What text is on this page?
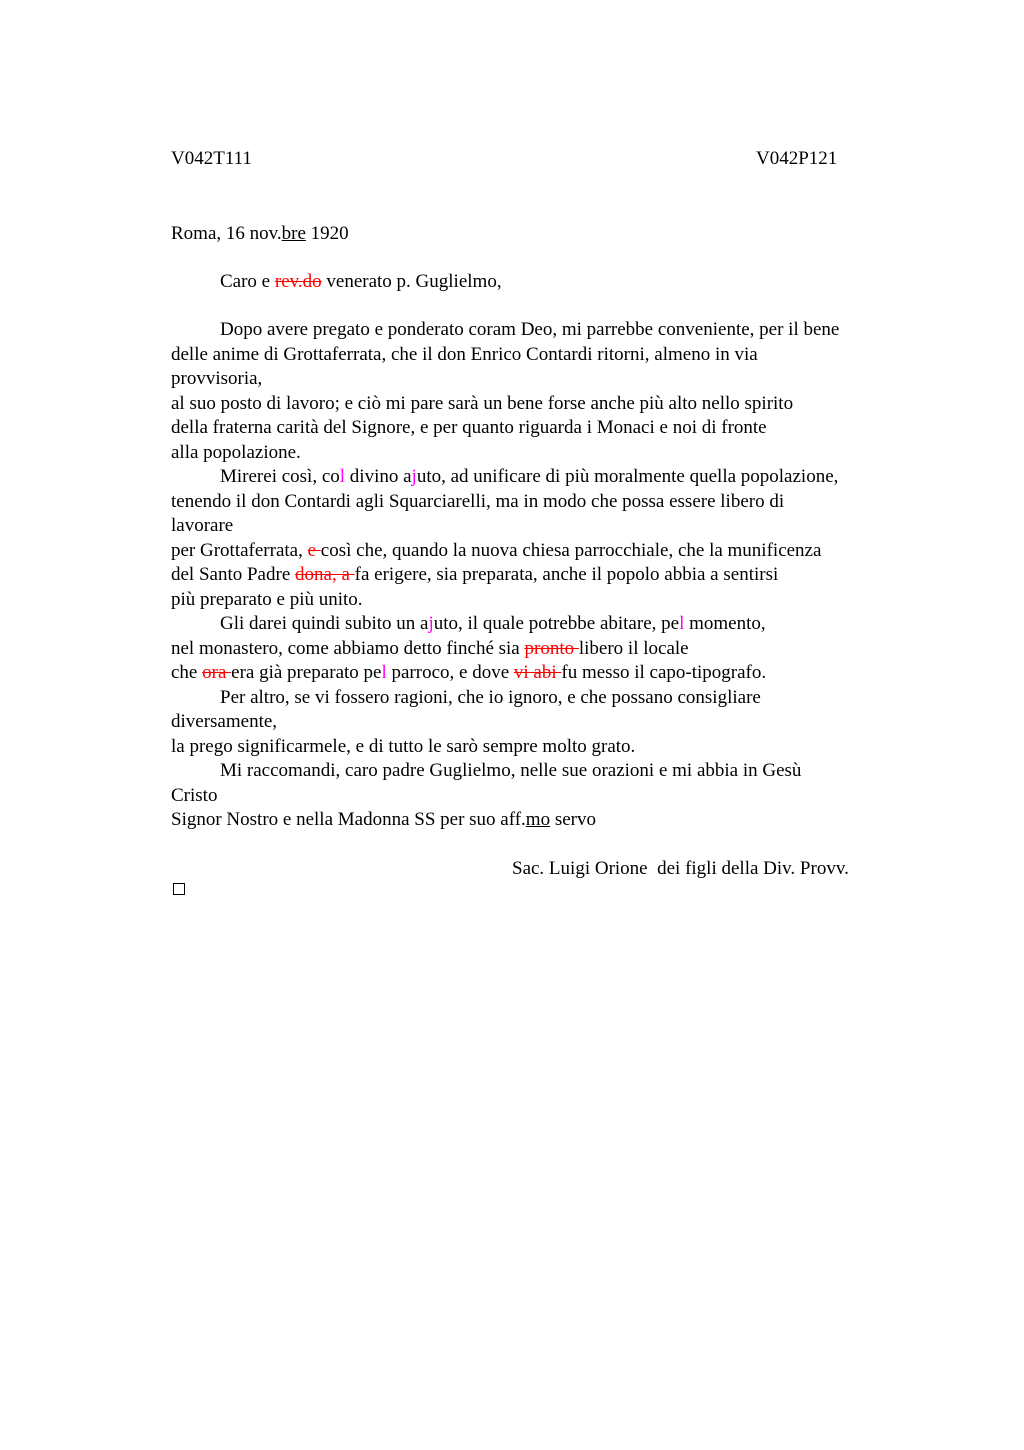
V042T111	V042P121
Roma, 16 nov.bre 1920
Caro e rev.do venerato p. Guglielmo,
Dopo avere pregato e ponderato coram Deo, mi parrebbe conveniente, per il bene
delle anime di Grottaferrata, che il don Enrico Contardi ritorni, almeno in via
provvisoria,
al suo posto di lavoro; e ciò mi pare sarà un bene forse anche più alto nello spirito
della fraterna carità del Signore, e per quanto riguarda i Monaci e noi di fronte
alla popolazione.
Mirerei così, col divino ajuto, ad unificare di più moralmente quella popolazione,
tenendo il don Contardi agli Squarciarelli, ma in modo che possa essere libero di
lavorare
per Grottaferrata, e così che, quando la nuova chiesa parrocchiale, che la munificenza
del Santo Padre dona, a fa erigere, sia preparata, anche il popolo abbia a sentirsi
più preparato e più unito.
Gli darei quindi subito un ajuto, il quale potrebbe abitare, pel momento,
nel monastero, come abbiamo detto finché sia pronto libero il locale
che ora era già preparato pel parroco, e dove vi abi fu messo il capo-tipografo.
Per altro, se vi fossero ragioni, che io ignoro, e che possano consigliare
diversamente,
la prego significarmele, e di tutto le sarò sempre molto grato.
Mi raccomandi, caro padre Guglielmo, nelle sue orazioni e mi abbia in Gesù
Cristo
Signor Nostro e nella Madonna SS per suo aff.mo servo
Sac. Luigi Orione  dei figli della Div. Provv.
